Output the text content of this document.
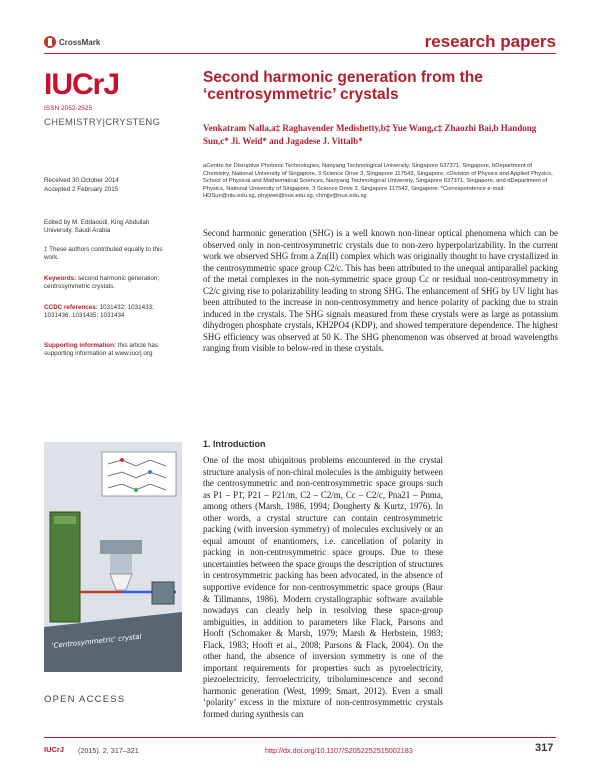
CrossMark	research papers
IUCrJ
ISSN 2052-2525
CHEMISTRY|CRYSTENG
Received 30 October 2014
Accepted 2 February 2015
Edited by M. Eddaoudi, King Abdullah University, Saudi Arabia
‡ These authors contributed equally to this work.
Keywords: second harmonic generation; centrosymmetric crystals.
CCDC references: 1031432; 1031433; 1031436; 1031435; 1031434
Supporting information: this article has supporting information at www.iucrj.org
Second harmonic generation from the ‘centrosymmetric’ crystals
Venkatram Nalla,a‡ Raghavender Medishetty,b‡ Yue Wang,c‡ Zhaozhi Bai,b Handong Sun,c* Ji. Weid* and Jagadese J. Vittalb*
aCentre for Disruptive Photonic Technologies, Nanyang Technological University, Singapore 637371, Singapore, bDepartment of Chemistry, National University of Singapore, 3 Science Drive 3, Singapore 117543, Singapore, cDivision of Physics and Applied Physics, School of Physical and Mathematical Sciences, Nanyang Technological University, Singapore 637371, Singapore, and dDepartment of Physics, National University of Singapore, 3 Science Drive 3, Singapore 117542, Singapore. *Correspondence e-mail: HDSun@ntu.edu.sg, phyjiwei@nus.edu.sg, chmjjv@nus.edu.sg
Second harmonic generation (SHG) is a well known non-linear optical phenomena which can be observed only in non-centrosymmetric crystals due to non-zero hyperpolarizability. In the current work we observed SHG from a Zn(II) complex which was originally thought to have crystallized in the centrosymmetric space group C2/c. This has been attributed to the unequal antiparallel packing of the metal complexes in the non-symmetric space group Cc or residual non-centrosymmetry in C2/c giving rise to polarizability leading to strong SHG. The enhancement of SHG by UV light has been attributed to the increase in non-centrosymmetry and hence polarity of packing due to strain induced in the crystals. The SHG signals measured from these crystals were as large as potassium dihydrogen phosphate crystals, KH2PO4 (KDP), and showed temperature dependence. The highest SHG efficiency was observed at 50 K. The SHG phenomenon was observed at broad wavelengths ranging from visible to below-red in these crystals.
'Centrosymmetric' crystal
OPEN ACCESS
1. Introduction
One of the most ubiquitous problems encountered in the crystal structure analysis of non-chiral molecules is the ambiguity between the centrosymmetric and non-centrosymmetric space groups such as P1 – P1̄, P21 – P21/m, C2 – C2/m, Cc – C2/c, Pna21 – Pnma, among others (Marsh, 1986, 1994; Dougherty & Kurtz, 1976). In other words, a crystal structure can contain centrosymmetric packing (with inversion symmetry) of molecules exclusively or an equal amount of enantiomers, i.e. cancellation of polarity in packing in non-centrosymmetric space groups. Due to these uncertainties between the space groups the description of structures in centrosymmetric packing has been advocated, in the absence of supportive evidence for non-centrosymmetric space groups (Baur & Tillmanns, 1986). Modern crystallographic software available nowadays can clearly help in resolving these space-group ambiguities, in addition to parameters like Flack, Parsons and Hooft (Schomaker & Marsh, 1979; Marsh & Herbstein, 1983; Flack, 1983; Hooft et al., 2008; Parsons & Flack, 2004). On the other hand, the absence of inversion symmetry is one of the important requirements for properties such as pyroelectricity, piezoelectricity, ferroelectricity, triboluminescence and second harmonic generation (West, 1999; Smart, 2012). Even a small ‘polarity’ excess in the mixture of non-centrosymmetric crystals formed during synthesis can
IUCrJ (2015). 2, 317–321	http://dx.doi.org/10.1107/S2052252515002183	317
